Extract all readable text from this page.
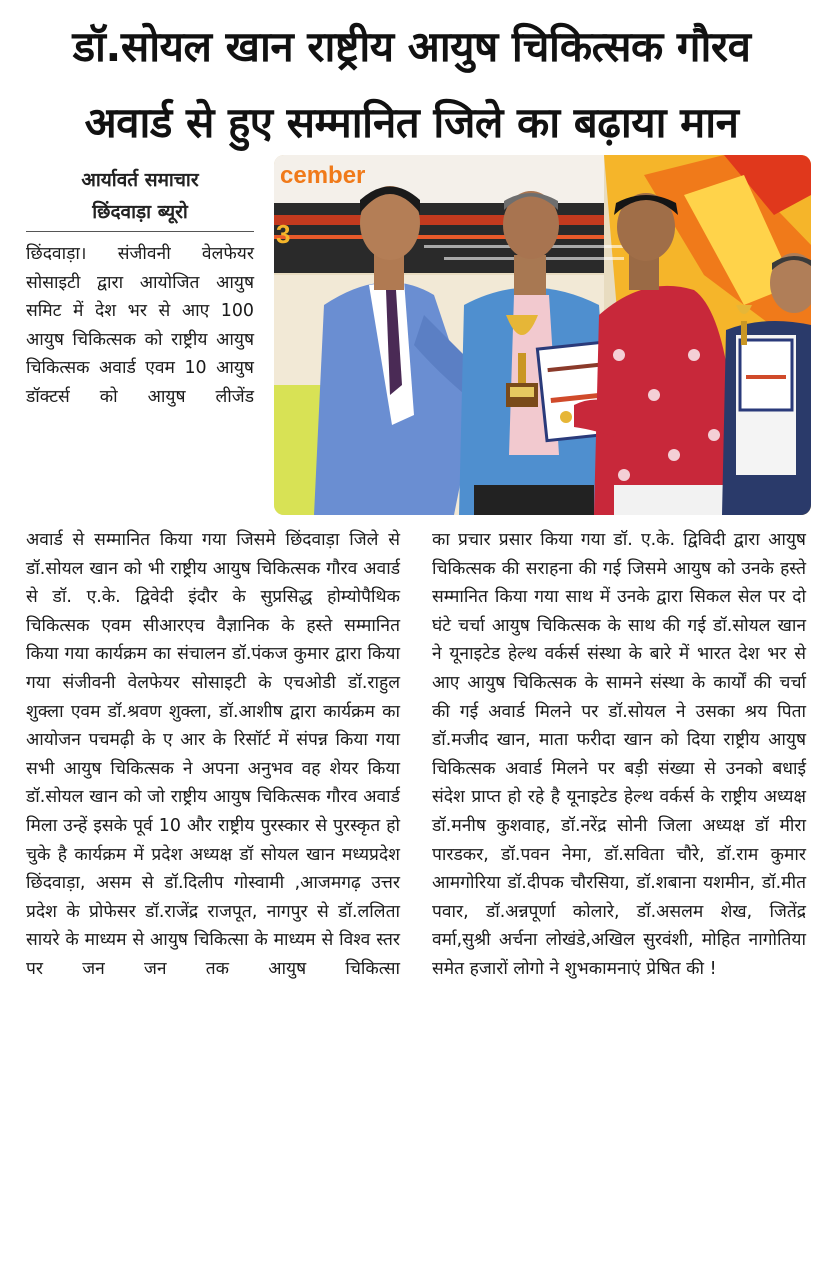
डॉ.सोयल खान राष्ट्रीय आयुष चिकित्सक गौरव
अवार्ड से हुए सम्मानित जिले का बढ़ाया मान
आर्यावर्त समाचार
छिंदवाड़ा ब्यूरो
cember
3

छिंदवाड़ा। संजीवनी वेलफेयर सोसाइटी द्वारा आयोजित आयुष समिट में देश भर से आए 100 आयुष चिकित्सक को राष्ट्रीय आयुष चिकित्सक अवार्ड एवम 10 आयुष डॉक्टर्स को आयुष लीजेंड

अवार्ड से सम्मानित किया गया जिसमे छिंदवाड़ा जिले से डॉ.सोयल खान को भी राष्ट्रीय आयुष चिकित्सक गौरव अवार्ड से डॉ. ए.के. द्विवेदी इंदौर के सुप्रसिद्ध होम्योपैथिक चिकित्सक एवम सीआरएच वैज्ञानिक के हस्ते सम्मानित किया गया कार्यक्रम का संचालन डॉ.पंकज कुमार द्वारा किया गया संजीवनी वेलफेयर सोसाइटी के एचओडी डॉ.राहुल शुक्ला एवम डॉ.श्रवण शुक्ला, डॉ.आशीष द्वारा कार्यक्रम का आयोजन पचमढ़ी के ए आर के रिसॉर्ट में संपन्न किया गया सभी आयुष चिकित्सक ने अपना अनुभव वह शेयर किया डॉ.सोयल खान को जो राष्ट्रीय आयुष चिकित्सक गौरव अवार्ड मिला उन्हें इसके पूर्व 10 और राष्ट्रीय पुरस्कार से पुरस्कृत हो चुके है कार्यक्रम में प्रदेश अध्यक्ष डॉ सोयल खान मध्यप्रदेश छिंदवाड़ा, असम से डॉ.दिलीप गोस्वामी ,आजमगढ़ उत्तर प्रदेश के प्रोफेसर डॉ.राजेंद्र राजपूत, नागपुर से डॉ.ललिता सायरे के माध्यम से आयुष चिकित्सा के माध्यम से विश्व स्तर पर जन जन तक आयुष चिकित्सा

का प्रचार प्रसार किया गया डॉ. ए.के. द्विविदी द्वारा आयुष चिकित्सक की सराहना की गई जिसमे आयुष को उनके हस्ते सम्मानित किया गया साथ में उनके द्वारा सिकल सेल पर दो घंटे चर्चा आयुष चिकित्सक के साथ की गई डॉ.सोयल खान ने यूनाइटेड हेल्थ वर्कर्स संस्था के बारे में भारत देश भर से आए आयुष चिकित्सक के सामने संस्था के कार्यों की चर्चा की गई अवार्ड मिलने पर डॉ.सोयल ने उसका श्रय पिता डॉ.मजीद खान, माता फरीदा खान को दिया राष्ट्रीय आयुष चिकित्सक अवार्ड मिलने पर बड़ी संख्या से उनको बधाई संदेश प्राप्त हो रहे है यूनाइटेड हेल्थ वर्कर्स के राष्ट्रीय अध्यक्ष डॉ.मनीष कुशवाह, डॉ.नरेंद्र सोनी जिला अध्यक्ष डॉ मीरा पारडकर, डॉ.पवन नेमा, डॉ.सविता चौरे, डॉ.राम कुमार आमगोरिया डॉ.दीपक चौरसिया, डॉ.शबाना यशमीन, डॉ.मीत पवार, डॉ.अन्नपूर्णा कोलारे, डॉ.असलम शेख, जितेंद्र वर्मा,सुश्री अर्चना लोखंडे,अखिल सुरवंशी, मोहित नागोतिया समेत हजारों लोगो ने शुभकामनाएं प्रेषित की !
